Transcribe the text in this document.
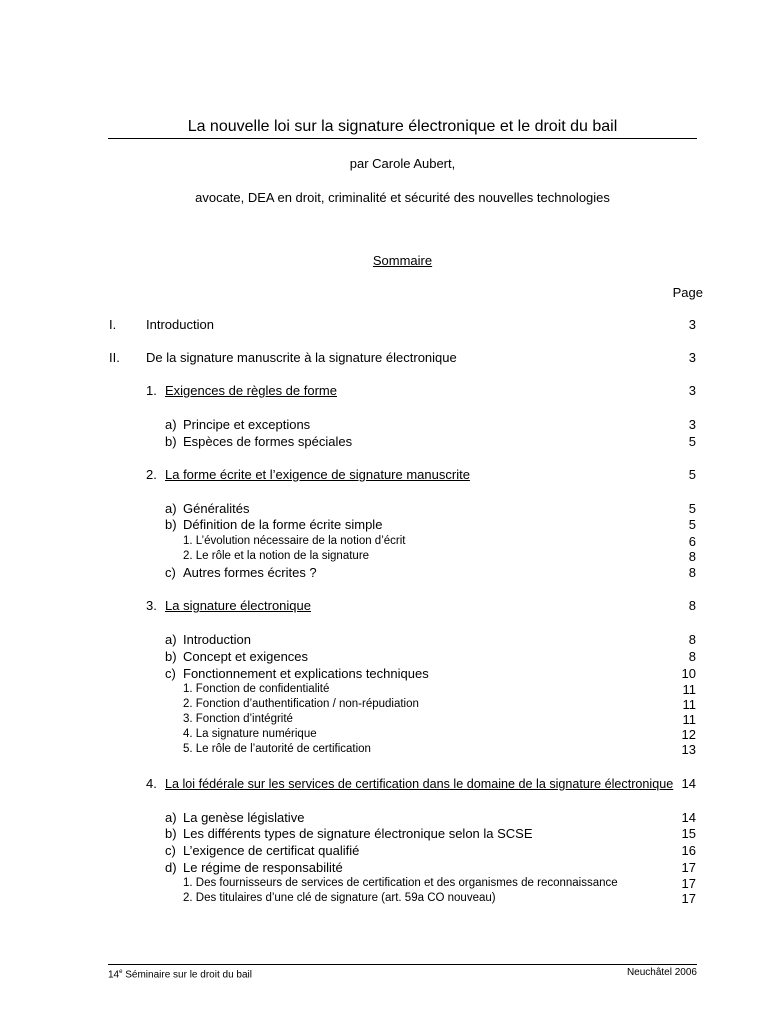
La nouvelle loi sur la signature électronique et le droit du bail
par Carole Aubert,
avocate, DEA en droit, criminalité et sécurité des nouvelles technologies
Sommaire
Page
I. Introduction	3
II. De la signature manuscrite à la signature électronique	3
1. Exigences de règles de forme	3
a) Principe et exceptions	3
b) Espèces de formes spéciales	5
2. La forme écrite et l’exigence de signature manuscrite	5
a) Généralités	5
b) Définition de la forme écrite simple	5
1. L’évolution nécessaire de la notion d’écrit	6
2. Le rôle et la notion de la signature	8
c) Autres formes écrites ?	8
3. La signature électronique	8
a) Introduction	8
b) Concept et exigences	8
c) Fonctionnement et explications techniques	10
1. Fonction de confidentialité	11
2. Fonction d’authentification / non-répudiation	11
3. Fonction d’intégrité	11
4. La signature numérique	12
5. Le rôle de l’autorité de certification	13
4. La loi fédérale sur les services de certification dans le domaine de la signature électronique 14
a) La genèse législative	14
b) Les différents types de signature électronique selon la SCSE	15
c) L’exigence de certificat qualifié	16
d) Le régime de responsabilité	17
1. Des fournisseurs de services de certification et des organismes de reconnaissance	17
2. Des titulaires d’une clé de signature (art. 59a CO nouveau)	17
14e Séminaire sur le droit du bail	Neuchâtel 2006
